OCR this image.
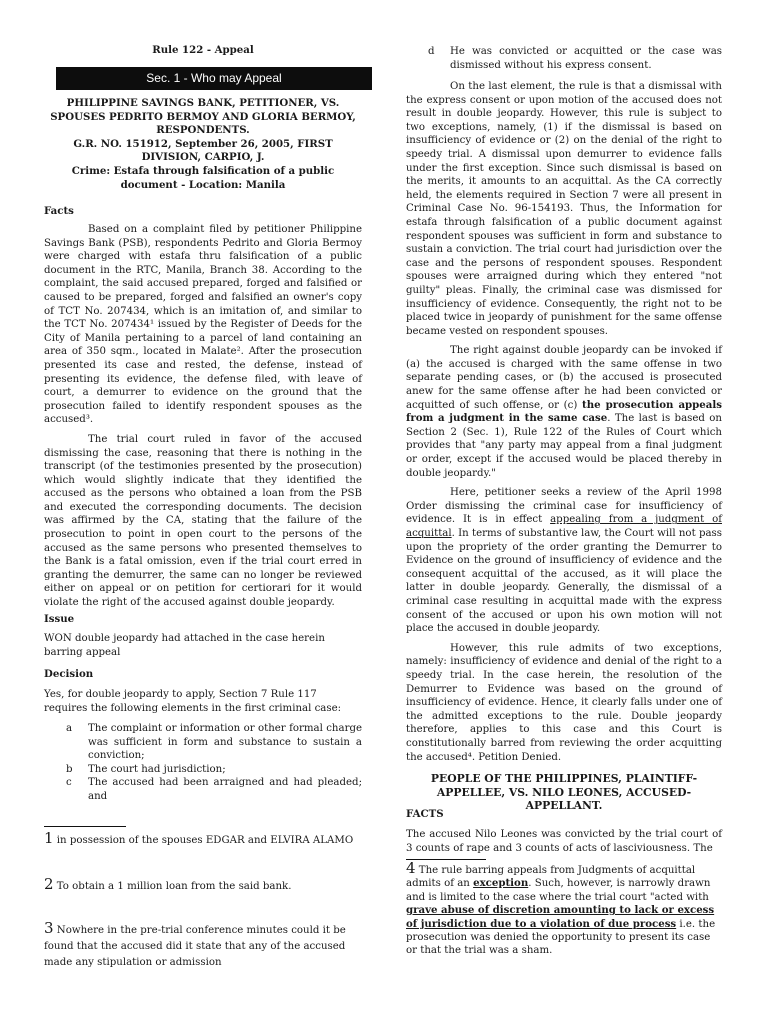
Rule 122 - Appeal
Sec. 1 - Who may Appeal
PHILIPPINE SAVINGS BANK, PETITIONER, VS. SPOUSES PEDRITO BERMOY AND GLORIA BERMOY, RESPONDENTS.
G.R. NO. 151912, September 26, 2005, FIRST DIVISION, CARPIO, J.
Crime: Estafa through falsification of a public document - Location: Manila
Facts

Based on a complaint filed by petitioner Philippine Savings Bank (PSB), respondents Pedrito and Gloria Bermoy were charged with estafa thru falsification of a public document in the RTC, Manila, Branch 38. According to the complaint, the said accused prepared, forged and falsified or caused to be prepared, forged and falsified an owner's copy of TCT No. 207434, which is an imitation of, and similar to the TCT No. 207434¹ issued by the Register of Deeds for the City of Manila pertaining to a parcel of land containing an area of 350 sqm., located in Malate². After the prosecution presented its case and rested, the defense, instead of presenting its evidence, the defense filed, with leave of court, a demurrer to evidence on the ground that the prosecution failed to identify respondent spouses as the accused³.

The trial court ruled in favor of the accused dismissing the case, reasoning that there is nothing in the transcript (of the testimonies presented by the prosecution) which would slightly indicate that they identified the accused as the persons who obtained a loan from the PSB and executed the corresponding documents. The decision was affirmed by the CA, stating that the failure of the prosecution to point in open court to the persons of the accused as the same persons who presented themselves to the Bank is a fatal omission, even if the trial court erred in granting the demurrer, the same can no longer be reviewed either on appeal or on petition for certiorari for it would violate the right of the accused against double jeopardy.

Issue

WON double jeopardy had attached in the case herein barring appeal

Decision

Yes, for double jeopardy to apply, Section 7 Rule 117 requires the following elements in the first criminal case:

a The complaint or information or other formal charge was sufficient in form and substance to sustain a conviction;
b The court had jurisdiction;
c The accused had been arraigned and had pleaded; and
1 in possession of the spouses EDGAR and ELVIRA ALAMO
2 To obtain a 1 million loan from the said bank.
3 Nowhere in the pre-trial conference minutes could it be found that the accused did it state that any of the accused made any stipulation or admission
d He was convicted or acquitted or the case was dismissed without his express consent.

On the last element, the rule is that a dismissal with the express consent or upon motion of the accused does not result in double jeopardy. However, this rule is subject to two exceptions, namely, (1) if the dismissal is based on insufficiency of evidence or (2) on the denial of the right to speedy trial. A dismissal upon demurrer to evidence falls under the first exception. Since such dismissal is based on the merits, it amounts to an acquittal. As the CA correctly held, the elements required in Section 7 were all present in Criminal Case No. 96-154193. Thus, the Information for estafa through falsification of a public document against respondent spouses was sufficient in form and substance to sustain a conviction. The trial court had jurisdiction over the case and the persons of respondent spouses. Respondent spouses were arraigned during which they entered "not guilty" pleas. Finally, the criminal case was dismissed for insufficiency of evidence. Consequently, the right not to be placed twice in jeopardy of punishment for the same offense became vested on respondent spouses.

The right against double jeopardy can be invoked if (a) the accused is charged with the same offense in two separate pending cases, or (b) the accused is prosecuted anew for the same offense after he had been convicted or acquitted of such offense, or (c) the prosecution appeals from a judgment in the same case. The last is based on Section 2 (Sec. 1), Rule 122 of the Rules of Court which provides that "any party may appeal from a final judgment or order, except if the accused would be placed thereby in double jeopardy."

Here, petitioner seeks a review of the April 1998 Order dismissing the criminal case for insufficiency of evidence. It is in effect appealing from a judgment of acquittal. In terms of substantive law, the Court will not pass upon the propriety of the order granting the Demurrer to Evidence on the ground of insufficiency of evidence and the consequent acquittal of the accused, as it will place the latter in double jeopardy. Generally, the dismissal of a criminal case resulting in acquittal made with the express consent of the accused or upon his own motion will not place the accused in double jeopardy.

However, this rule admits of two exceptions, namely: insufficiency of evidence and denial of the right to a speedy trial. In the case herein, the resolution of the Demurrer to Evidence was based on the ground of insufficiency of evidence. Hence, it clearly falls under one of the admitted exceptions to the rule. Double jeopardy therefore, applies to this case and this Court is constitutionally barred from reviewing the order acquitting the accused⁴. Petition Denied.

PEOPLE OF THE PHILIPPINES, PLAINTIFF-APPELLEE, VS. NILO LEONES, ACCUSED-APPELLANT.
FACTS

The accused Nilo Leones was convicted by the trial court of 3 counts of rape and 3 counts of acts of lasciviousness. The

4 The rule barring appeals from Judgments of acquittal admits of an exception. Such, however, is narrowly drawn and is limited to the case where the trial court "acted with grave abuse of discretion amounting to lack or excess of jurisdiction due to a violation of due process i.e. the prosecution was denied the opportunity to present its case or that the trial was a sham.
